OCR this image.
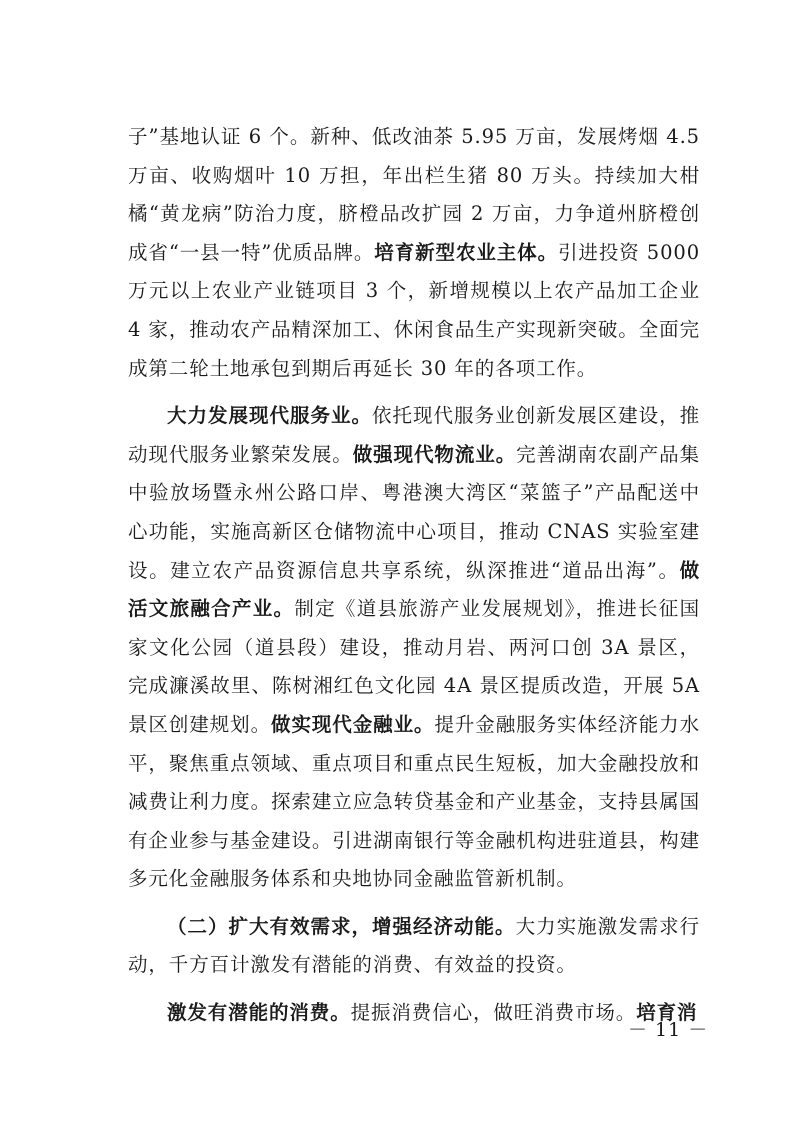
子”基地认证 6 个。新种、低改油茶 5.95 万亩，发展烤烟 4.5 万亩、收购烟叶 10 万担，年出栏生猪 80 万头。持续加大柑橘“黄龙病”防治力度，脐橙品改扩园 2 万亩，力争道州脐橙创成省“一县一特”优质品牌。培育新型农业主体。引进投资 5000 万元以上农业产业链项目 3 个，新增规模以上农产品加工企业 4 家，推动农产品精深加工、休闲食品生产实现新突破。全面完成第二轮土地承包到期后再延长 30 年的各项工作。

大力发展现代服务业。依托现代服务业创新发展区建设，推动现代服务业繁荣发展。做强现代物流业。完善湖南农副产品集中验放场暨永州公路口岸、粤港澳大湾区“菜篮子”产品配送中心功能，实施高新区仓储物流中心项目，推动 CNAS 实验室建设。建立农产品资源信息共享系统，纵深推进“道品出海”。做活文旅融合产业。制定《道县旅游产业发展规划》，推进长征国家文化公园（道县段）建设，推动月岩、两河口创 3A 景区，完成濂溪故里、陈树湘红色文化园 4A 景区提质改造，开展 5A 景区创建规划。做实现代金融业。提升金融服务实体经济能力水平，聚焦重点领域、重点项目和重点民生短板，加大金融投放和减费让利力度。探索建立应急转贷基金和产业基金，支持县属国有企业参与基金建设。引进湖南银行等金融机构进驻道县，构建多元化金融服务体系和央地协同金融监管新机制。

（二）扩大有效需求，增强经济动能。大力实施激发需求行动，千方百计激发有潜能的消费、有效益的投资。

激发有潜能的消费。提振消费信心，做旺消费市场。培育消

－ 11 －
